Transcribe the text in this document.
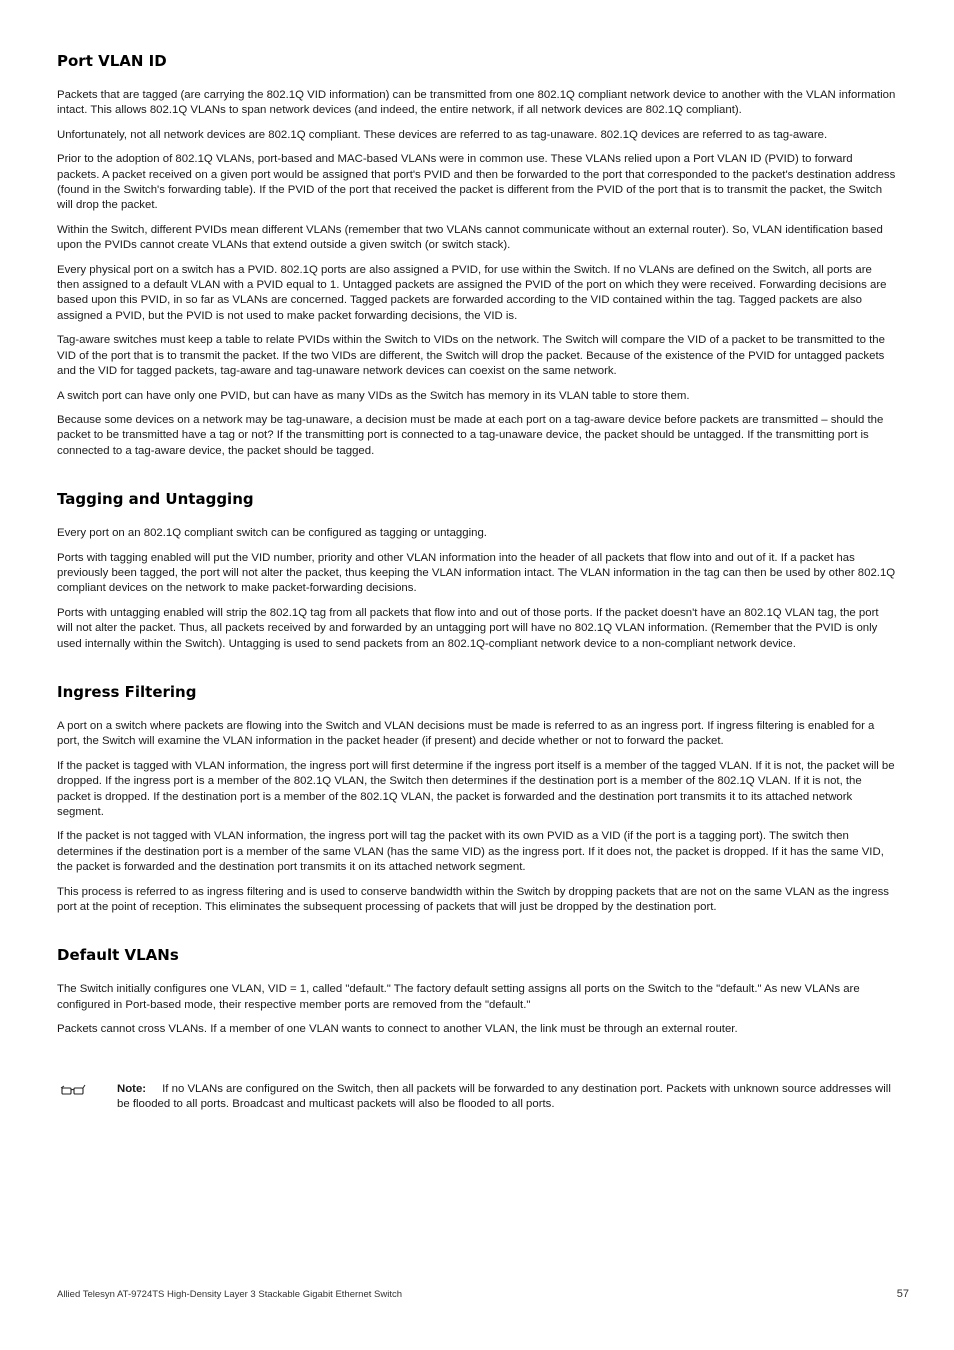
Port VLAN ID

Packets that are tagged (are carrying the 802.1Q VID information) can be transmitted from one 802.1Q compliant network device to another with the VLAN information intact. This allows 802.1Q VLANs to span network devices (and indeed, the entire network, if all network devices are 802.1Q compliant).

Unfortunately, not all network devices are 802.1Q compliant. These devices are referred to as tag-unaware. 802.1Q devices are referred to as tag-aware.

Prior to the adoption of 802.1Q VLANs, port-based and MAC-based VLANs were in common use. These VLANs relied upon a Port VLAN ID (PVID) to forward packets. A packet received on a given port would be assigned that port's PVID and then be forwarded to the port that corresponded to the packet's destination address (found in the Switch's forwarding table). If the PVID of the port that received the packet is different from the PVID of the port that is to transmit the packet, the Switch will drop the packet.

Within the Switch, different PVIDs mean different VLANs (remember that two VLANs cannot communicate without an external router). So, VLAN identification based upon the PVIDs cannot create VLANs that extend outside a given switch (or switch stack).

Every physical port on a switch has a PVID. 802.1Q ports are also assigned a PVID, for use within the Switch. If no VLANs are defined on the Switch, all ports are then assigned to a default VLAN with a PVID equal to 1. Untagged packets are assigned the PVID of the port on which they were received. Forwarding decisions are based upon this PVID, in so far as VLANs are concerned. Tagged packets are forwarded according to the VID contained within the tag. Tagged packets are also assigned a PVID, but the PVID is not used to make packet forwarding decisions, the VID is.

Tag-aware switches must keep a table to relate PVIDs within the Switch to VIDs on the network. The Switch will compare the VID of a packet to be transmitted to the VID of the port that is to transmit the packet. If the two VIDs are different, the Switch will drop the packet. Because of the existence of the PVID for untagged packets and the VID for tagged packets, tag-aware and tag-unaware network devices can coexist on the same network.

A switch port can have only one PVID, but can have as many VIDs as the Switch has memory in its VLAN table to store them.

Because some devices on a network may be tag-unaware, a decision must be made at each port on a tag-aware device before packets are transmitted – should the packet to be transmitted have a tag or not? If the transmitting port is connected to a tag-unaware device, the packet should be untagged. If the transmitting port is connected to a tag-aware device, the packet should be tagged.

Tagging and Untagging

Every port on an 802.1Q compliant switch can be configured as tagging or untagging.

Ports with tagging enabled will put the VID number, priority and other VLAN information into the header of all packets that flow into and out of it. If a packet has previously been tagged, the port will not alter the packet, thus keeping the VLAN information intact. The VLAN information in the tag can then be used by other 802.1Q compliant devices on the network to make packet-forwarding decisions.

Ports with untagging enabled will strip the 802.1Q tag from all packets that flow into and out of those ports. If the packet doesn't have an 802.1Q VLAN tag, the port will not alter the packet. Thus, all packets received by and forwarded by an untagging port will have no 802.1Q VLAN information. (Remember that the PVID is only used internally within the Switch). Untagging is used to send packets from an 802.1Q-compliant network device to a non-compliant network device.

Ingress Filtering

A port on a switch where packets are flowing into the Switch and VLAN decisions must be made is referred to as an ingress port. If ingress filtering is enabled for a port, the Switch will examine the VLAN information in the packet header (if present) and decide whether or not to forward the packet.

If the packet is tagged with VLAN information, the ingress port will first determine if the ingress port itself is a member of the tagged VLAN. If it is not, the packet will be dropped. If the ingress port is a member of the 802.1Q VLAN, the Switch then determines if the destination port is a member of the 802.1Q VLAN. If it is not, the packet is dropped. If the destination port is a member of the 802.1Q VLAN, the packet is forwarded and the destination port transmits it to its attached network segment.

If the packet is not tagged with VLAN information, the ingress port will tag the packet with its own PVID as a VID (if the port is a tagging port). The switch then determines if the destination port is a member of the same VLAN (has the same VID) as the ingress port. If it does not, the packet is dropped. If it has the same VID, the packet is forwarded and the destination port transmits it on its attached network segment.

This process is referred to as ingress filtering and is used to conserve bandwidth within the Switch by dropping packets that are not on the same VLAN as the ingress port at the point of reception. This eliminates the subsequent processing of packets that will just be dropped by the destination port.

Default VLANs

The Switch initially configures one VLAN, VID = 1, called "default." The factory default setting assigns all ports on the Switch to the "default." As new VLANs are configured in Port-based mode, their respective member ports are removed from the "default."

Packets cannot cross VLANs. If a member of one VLAN wants to connect to another VLAN, the link must be through an external router.

Note: If no VLANs are configured on the Switch, then all packets will be forwarded to any destination port. Packets with unknown source addresses will be flooded to all ports. Broadcast and multicast packets will also be flooded to all ports.

Allied Telesyn AT-9724TS High-Density Layer 3 Stackable Gigabit Ethernet Switch	57
